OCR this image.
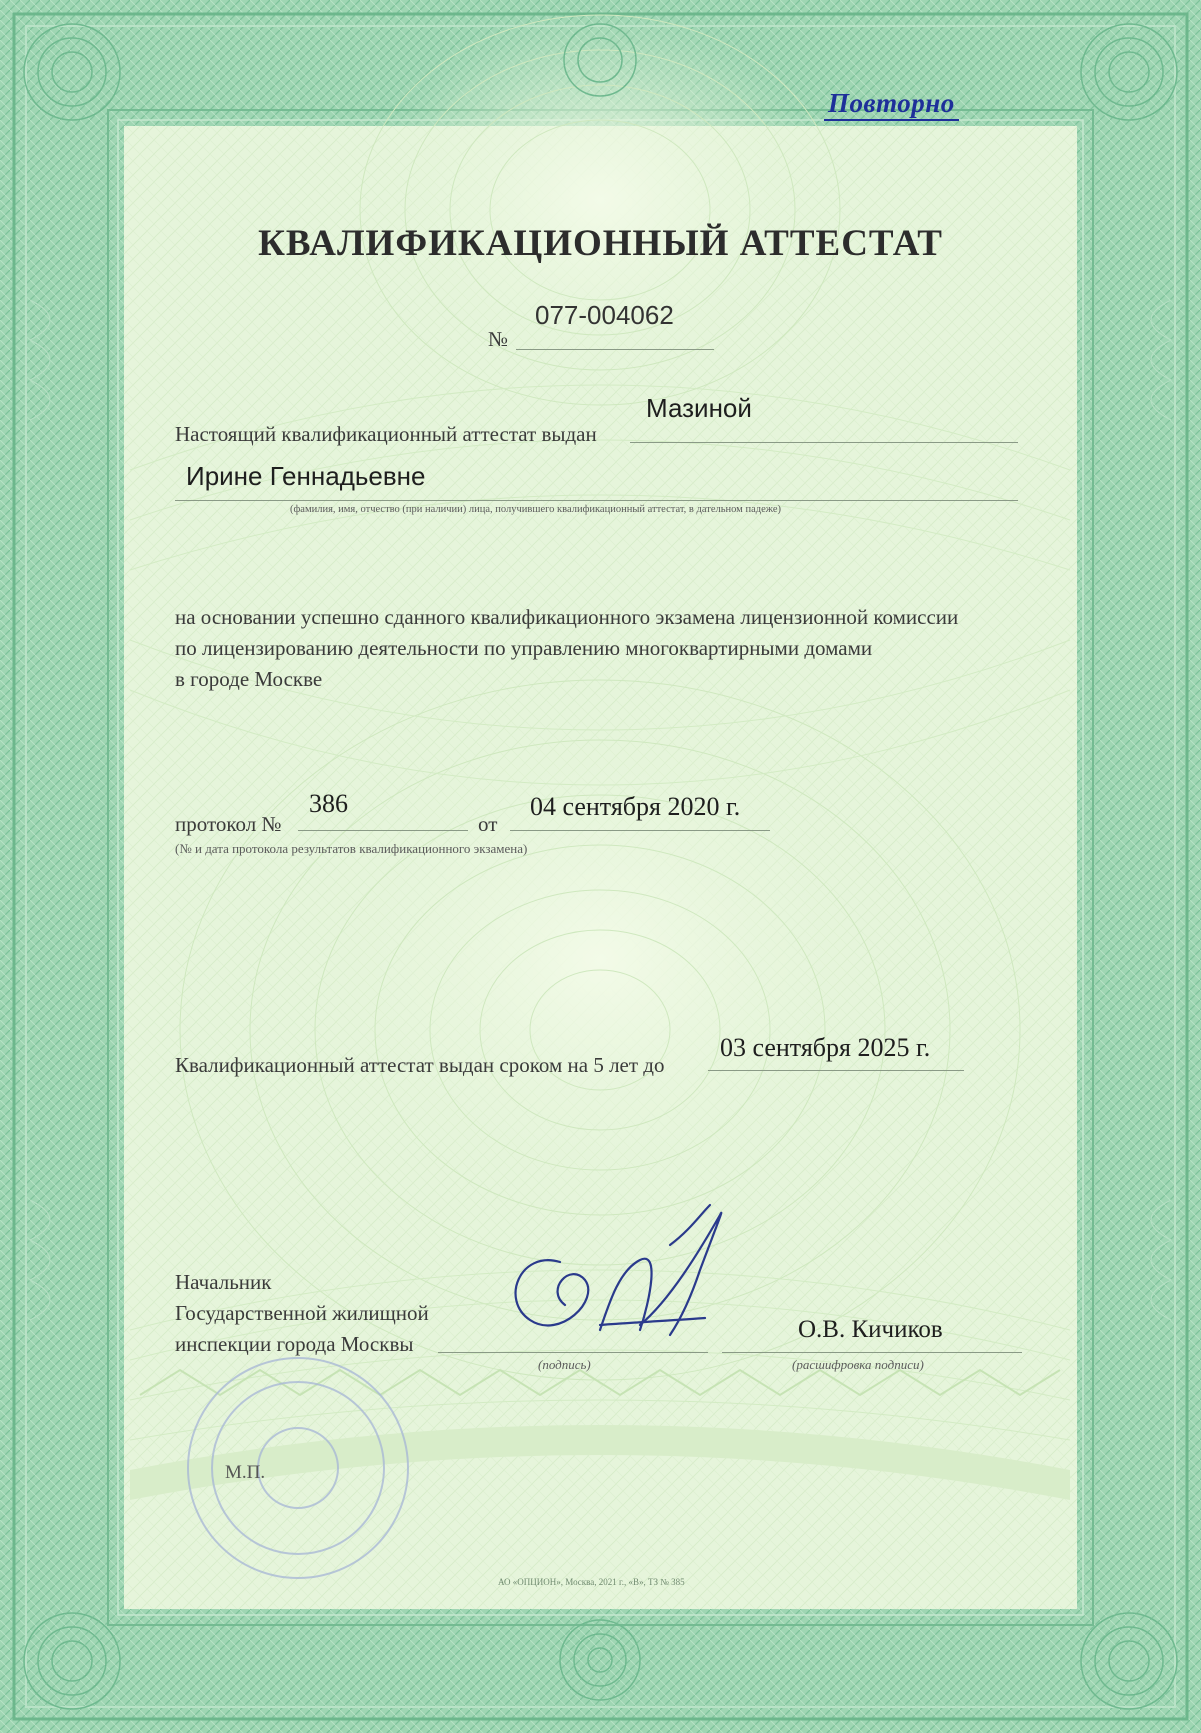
Повторно
КВАЛИФИКАЦИОННЫЙ АТТЕСТАТ
№
077-004062
Настоящий квалификационный аттестат выдан
Мазиной
Ирине Геннадьевне
(фамилия, имя, отчество (при наличии) лица, получившего квалификационный аттестат, в дательном падеже)
на основании успешно сданного квалификационного экзамена лицензионной комиссии
по лицензированию деятельности по управлению многоквартирными домами
в городе Москве
протокол №
386
от
04 сентября 2020 г.
(№ и дата протокола результатов квалификационного экзамена)
Квалификационный аттестат выдан сроком на 5 лет до
03 сентября 2025 г.
Начальник
Государственной жилищной
инспекции города Москвы
(подпись)
О.В. Кичиков
(расшифровка подписи)
М.П.
АО «ОПЦИОН», Москва, 2021 г., «В», ТЗ № 385
